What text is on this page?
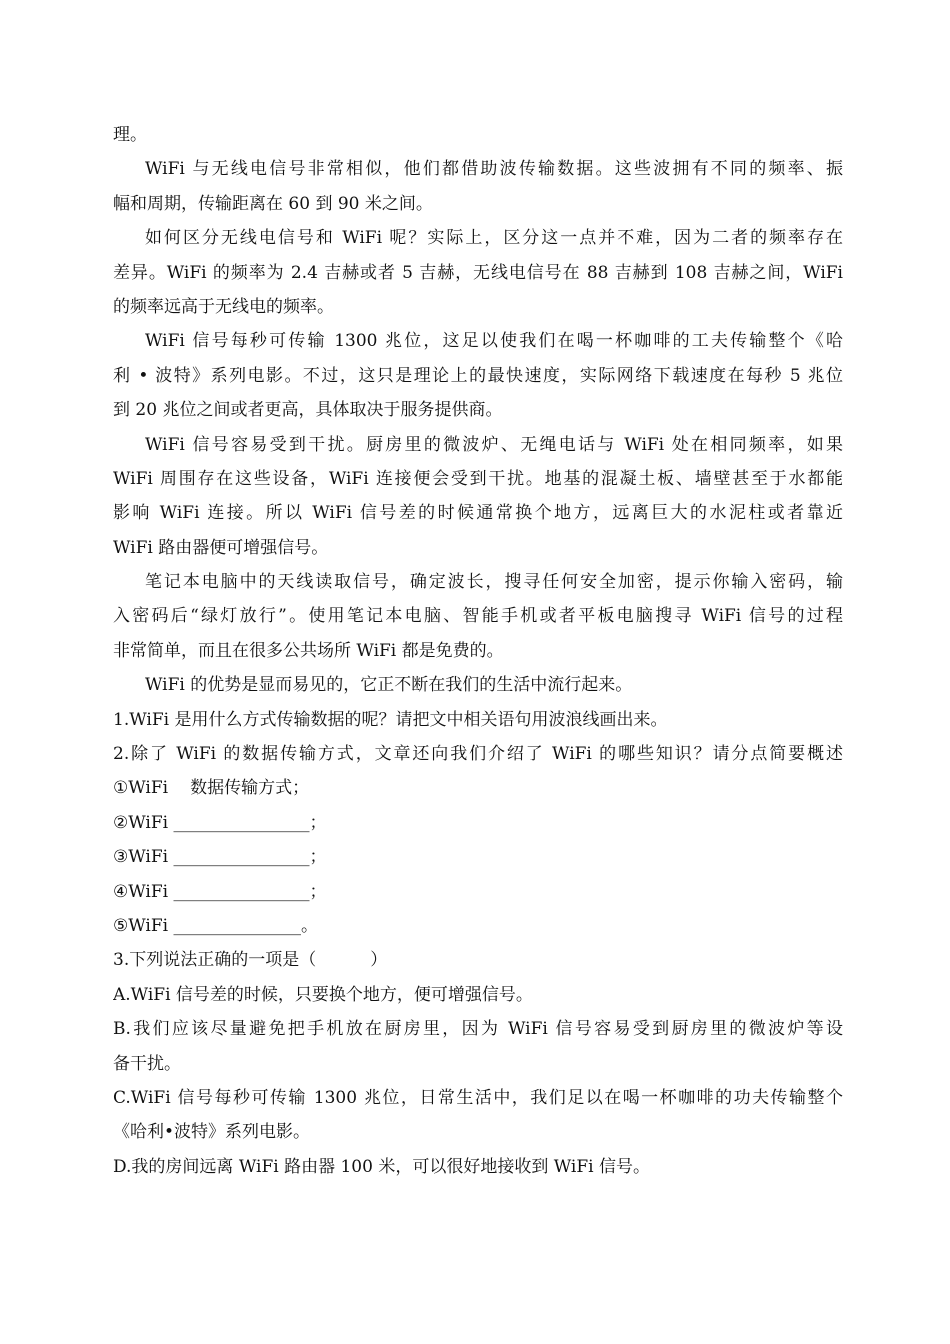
理。
WiFi 与无线电信号非常相似，他们都借助波传输数据。这些波拥有不同的频率、振
幅和周期，传输距离在 60 到 90 米之间。
如何区分无线电信号和 WiFi 呢？实际上，区分这一点并不难，因为二者的频率存在
差异。WiFi 的频率为 2.4 吉赫或者 5 吉赫，无线电信号在 88 吉赫到 108 吉赫之间，WiFi
的频率远高于无线电的频率。
WiFi 信号每秒可传输 1300 兆位，这足以使我们在喝一杯咖啡的工夫传输整个《哈
利 • 波特》系列电影。不过，这只是理论上的最快速度，实际网络下载速度在每秒 5 兆位
到 20 兆位之间或者更高，具体取决于服务提供商。
WiFi 信号容易受到干扰。厨房里的微波炉、无绳电话与 WiFi 处在相同频率，如果
WiFi 周围存在这些设备，WiFi 连接便会受到干扰。地基的混凝土板、墙壁甚至于水都能
影响 WiFi 连接。所以 WiFi 信号差的时候通常换个地方，远离巨大的水泥柱或者靠近
WiFi 路由器便可增强信号。
笔记本电脑中的天线读取信号，确定波长，搜寻任何安全加密，提示你输入密码，输
入密码后“绿灯放行”。使用笔记本电脑、智能手机或者平板电脑搜寻 WiFi 信号的过程
非常简单，而且在很多公共场所 WiFi 都是免费的。
WiFi 的优势是显而易见的，它正不断在我们的生活中流行起来。
1.WiFi 是用什么方式传输数据的呢？请把文中相关语句用波浪线画出来。
2.除了 WiFi 的数据传输方式，文章还向我们介绍了 WiFi 的哪些知识？请分点简要概述
①WiFi 数据传输方式；
②WiFi ________________；
③WiFi ________________；
④WiFi ________________；
⑤WiFi _______________。
3.下列说法正确的一项是（          ）
A.WiFi 信号差的时候，只要换个地方，便可增强信号。
B.我们应该尽量避免把手机放在厨房里，因为 WiFi 信号容易受到厨房里的微波炉等设
备干扰。
C.WiFi 信号每秒可传输 1300 兆位，日常生活中，我们足以在喝一杯咖啡的功夫传输整个
《哈利•波特》系列电影。
D.我的房间远离 WiFi 路由器 100 米，可以很好地接收到 WiFi 信号。
